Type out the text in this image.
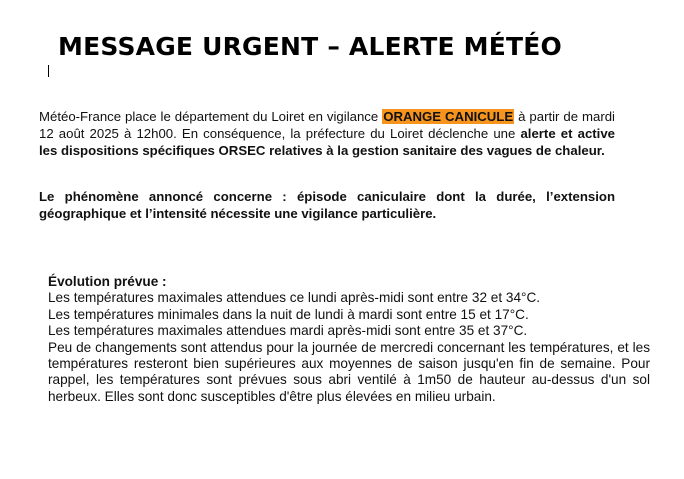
MESSAGE URGENT – ALERTE MÉTÉO

Météo-France place le département du Loiret en vigilance ORANGE CANICULE à partir de mardi 12 août 2025 à 12h00. En conséquence, la préfecture du Loiret déclenche une alerte et active les dispositions spécifiques ORSEC relatives à la gestion sanitaire des vagues de chaleur.

Le phénomène annoncé concerne : épisode caniculaire dont la durée, l’extension géographique et l’intensité nécessite une vigilance particulière.

Évolution prévue :
Les températures maximales attendues ce lundi après-midi sont entre 32 et 34°C.
Les températures minimales dans la nuit de lundi à mardi sont entre 15 et 17°C.
Les températures maximales attendues mardi après-midi sont entre 35 et 37°C.
Peu de changements sont attendus pour la journée de mercredi concernant les températures, et les températures resteront bien supérieures aux moyennes de saison jusqu'en fin de semaine. Pour rappel, les températures sont prévues sous abri ventilé à 1m50 de hauteur au-dessus d'un sol herbeux. Elles sont donc susceptibles d'être plus élevées en milieu urbain.
